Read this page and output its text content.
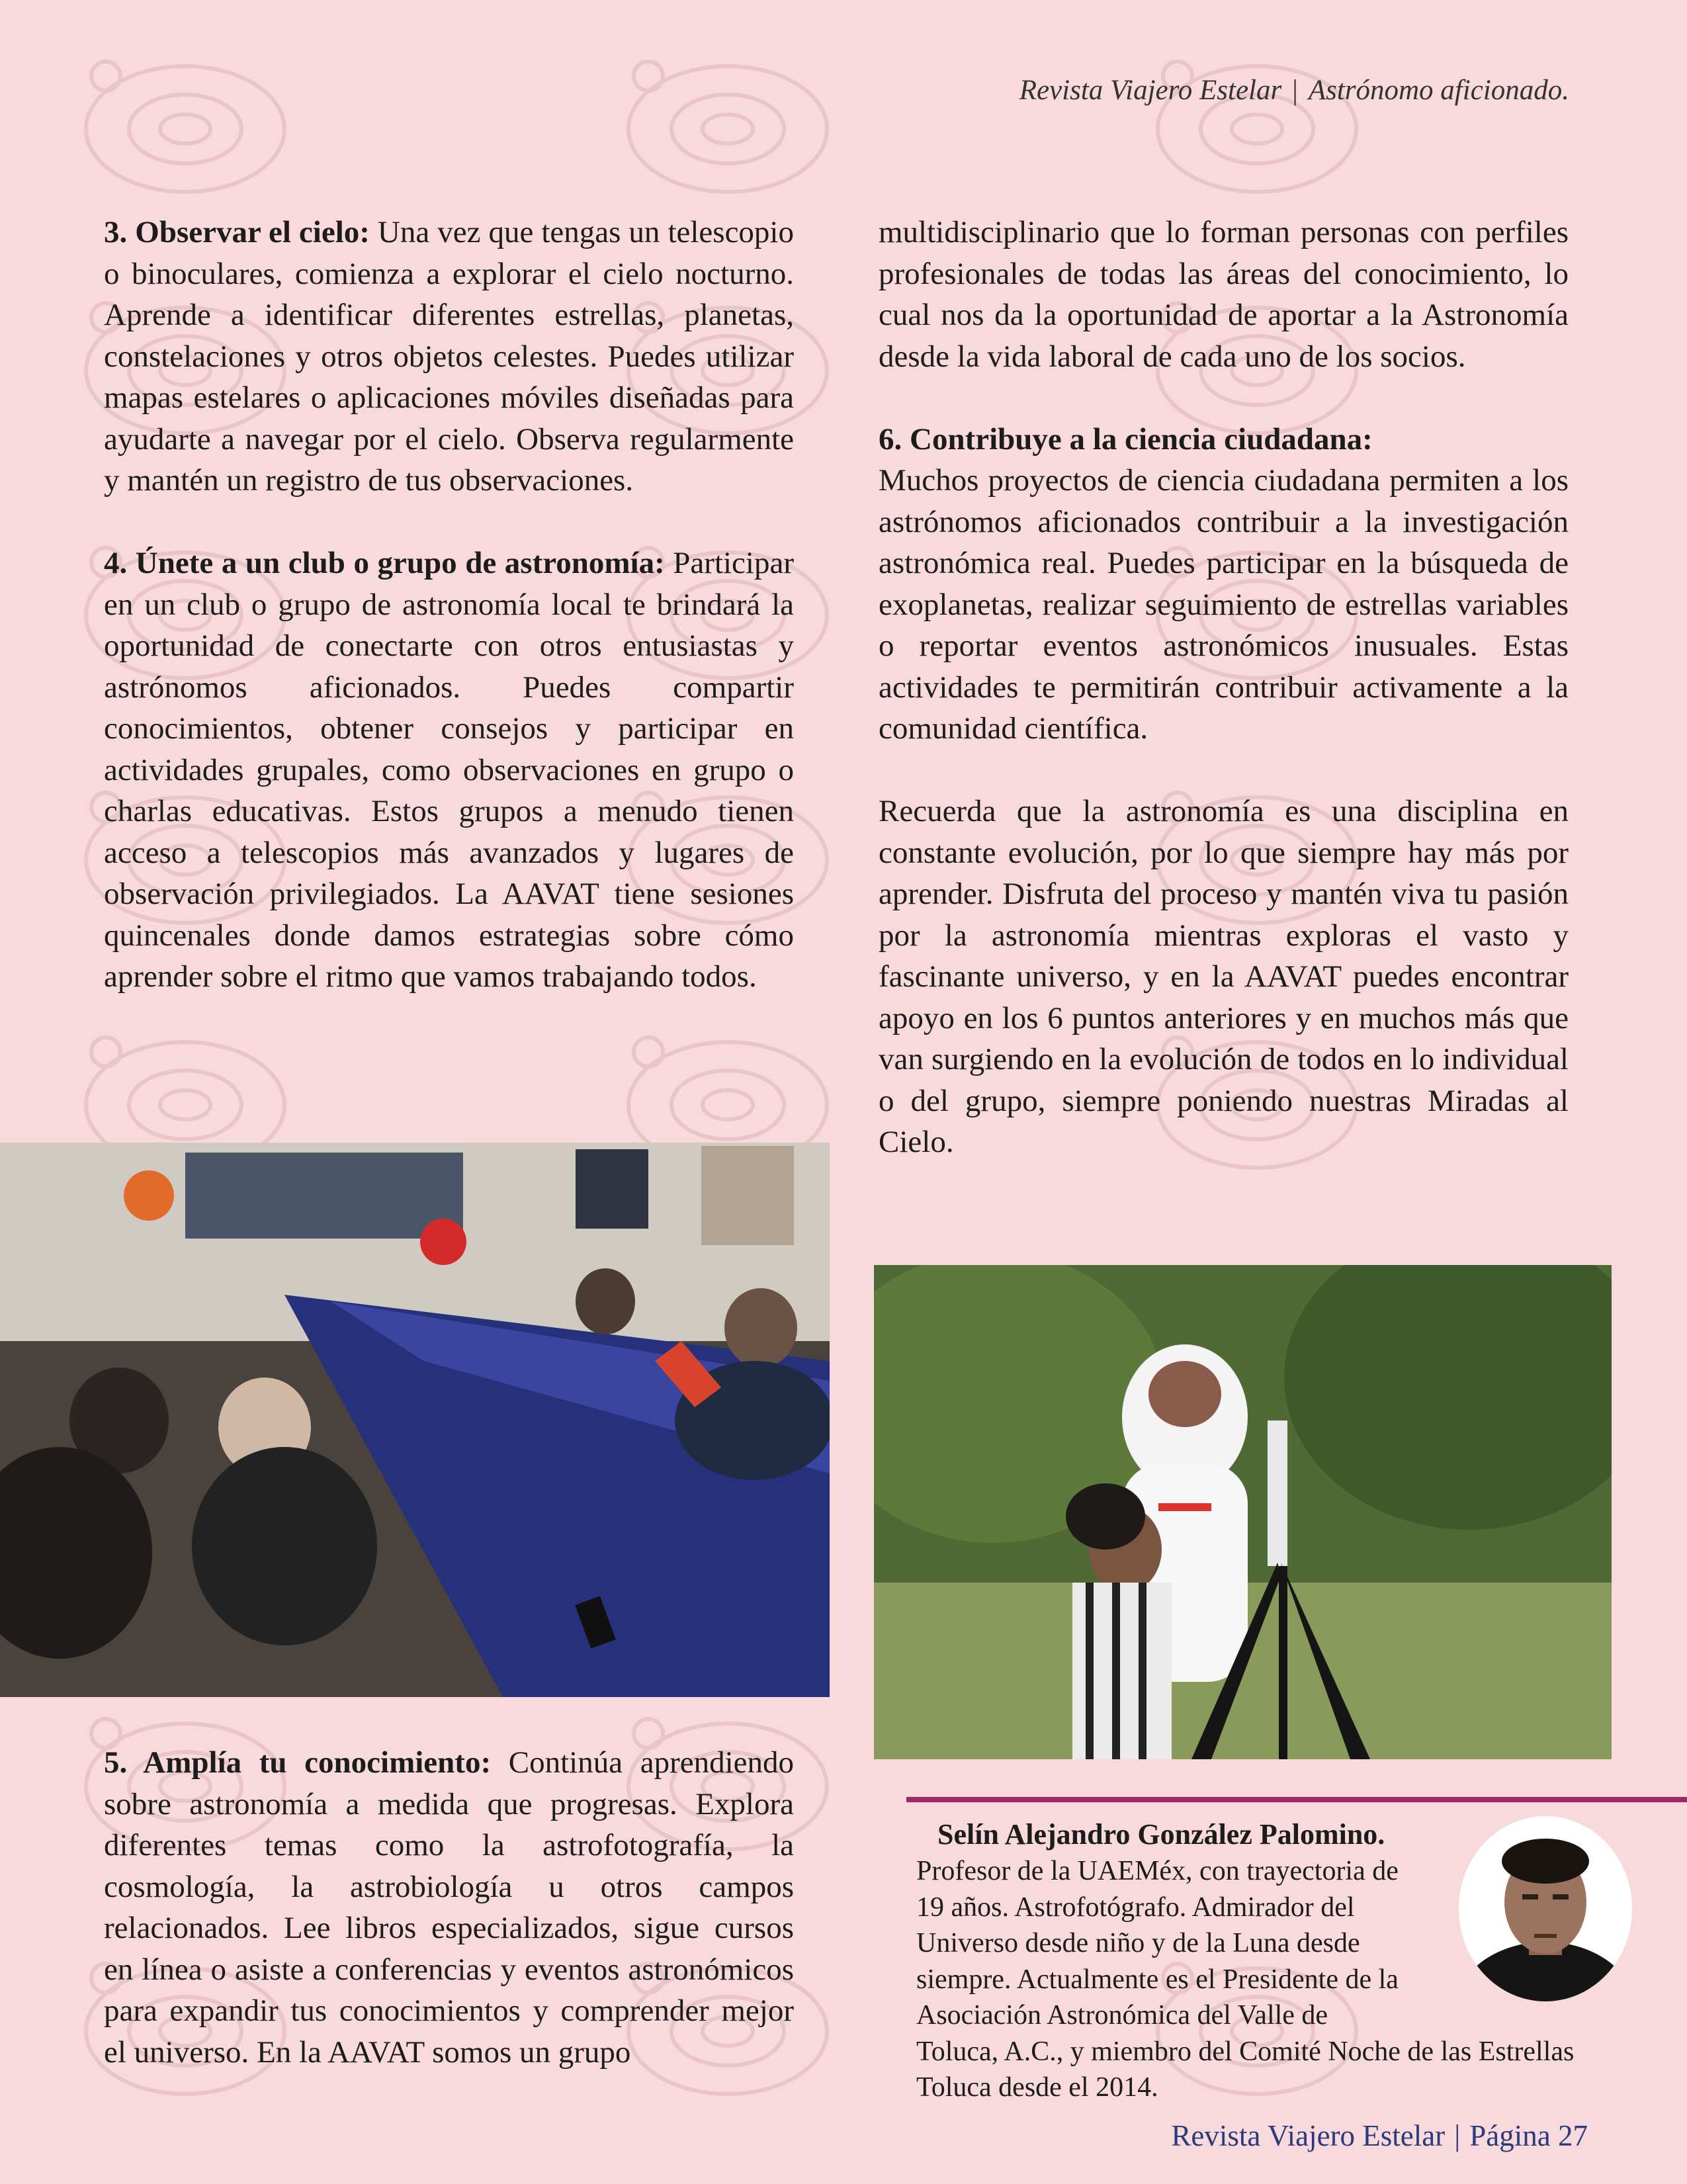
Revista Viajero Estelar | Astrónomo aficionado.

3. Observar el cielo: Una vez que tengas un telescopio o binoculares, comienza a explorar el cielo nocturno. Aprende a identificar diferentes estrellas, planetas, constelaciones y otros objetos celestes. Puedes utilizar mapas estelares o aplicaciones móviles diseñadas para ayudarte a navegar por el cielo. Observa regularmente y mantén un registro de tus observaciones.

4. Únete a un club o grupo de astronomía: Participar en un club o grupo de astronomía local te brindará la oportunidad de conectarte con otros entusiastas y astrónomos aficionados. Puedes compartir conocimientos, obtener consejos y participar en actividades grupales, como observaciones en grupo o charlas educativas. Estos grupos a menudo tienen acceso a telescopios más avanzados y lugares de observación privilegiados. La AAVAT tiene sesiones quincenales donde damos estrategias sobre cómo aprender sobre el ritmo que vamos trabajando todos.

5. Amplía tu conocimiento: Continúa aprendiendo sobre astronomía a medida que progresas. Explora diferentes temas como la astrofotografía, la cosmología, la astrobiología u otros campos relacionados. Lee libros especializados, sigue cursos en línea o asiste a conferencias y eventos astronómicos para expandir tus conocimientos y comprender mejor el universo. En la AAVAT somos un grupo

multidisciplinario que lo forman personas con perfiles profesionales de todas las áreas del conocimiento, lo cual nos da la oportunidad de aportar a la Astronomía desde la vida laboral de cada uno de los socios.

6. Contribuye a la ciencia ciudadana:
Muchos proyectos de ciencia ciudadana permiten a los astrónomos aficionados contribuir a la investigación astronómica real. Puedes participar en la búsqueda de exoplanetas, realizar seguimiento de estrellas variables o reportar eventos astronómicos inusuales. Estas actividades te permitirán contribuir activamente a la comunidad científica.

Recuerda que la astronomía es una disciplina en constante evolución, por lo que siempre hay más por aprender. Disfruta del proceso y mantén viva tu pasión por la astronomía mientras exploras el vasto y fascinante universo, y en la AAVAT puedes encontrar apoyo en los 6 puntos anteriores y en muchos más que van surgiendo en la evolución de todos en lo individual o del grupo, siempre poniendo nuestras Miradas al Cielo.

Selín Alejandro González Palomino.
Profesor de la UAEMéx, con trayectoria de
19 años. Astrofotógrafo. Admirador del
Universo desde niño y de la Luna desde
siempre. Actualmente es el Presidente de la
Asociación Astronómica del Valle de
Toluca, A.C., y miembro del Comité Noche de las Estrellas
Toluca desde el 2014.
Revista Viajero Estelar | Página 27
